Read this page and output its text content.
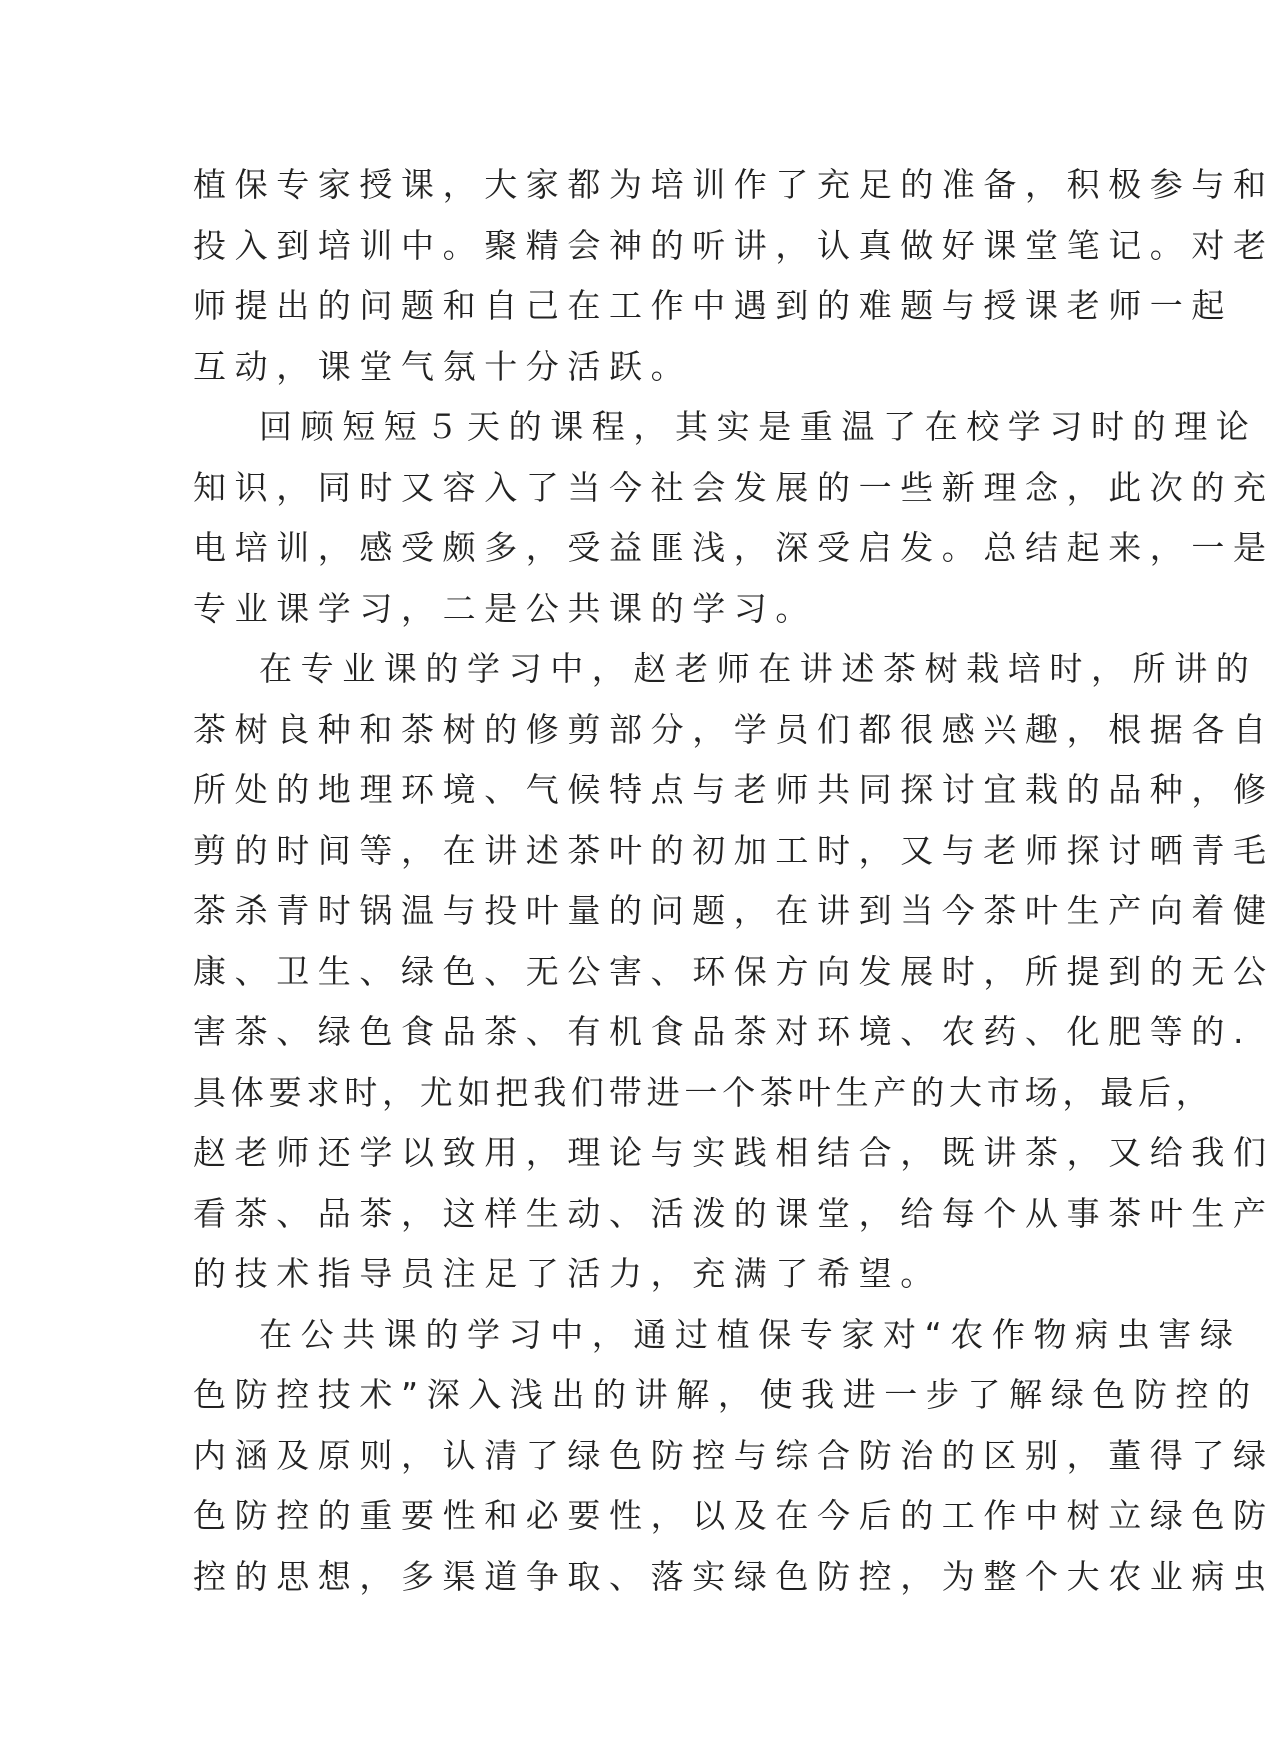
植保专家授课，大家都为培训作了充足的准备，积极参与和
投入到培训中。聚精会神的听讲，认真做好课堂笔记。对老
师提出的问题和自己在工作中遇到的难题与授课老师一起
互动，课堂气氛十分活跃。
回顾短短５天的课程，其实是重温了在校学习时的理论
知识，同时又容入了当今社会发展的一些新理念，此次的充
电培训，感受颇多，受益匪浅，深受启发。总结起来，一是
专业课学习，二是公共课的学习。
在专业课的学习中，赵老师在讲述茶树栽培时，所讲的
茶树良种和茶树的修剪部分，学员们都很感兴趣，根据各自
所处的地理环境、气候特点与老师共同探讨宜栽的品种，修
剪的时间等，在讲述茶叶的初加工时，又与老师探讨晒青毛
茶杀青时锅温与投叶量的问题，在讲到当今茶叶生产向着健
康、卫生、绿色、无公害、环保方向发展时，所提到的无公
害茶、绿色食品茶、有机食品茶对环境、农药、化肥等的.
具体要求时，尤如把我们带进一个茶叶生产的大市场，最后，
赵老师还学以致用，理论与实践相结合，既讲茶，又给我们
看茶、品茶，这样生动、活泼的课堂，给每个从事茶叶生产
的技术指导员注足了活力，充满了希望。
在公共课的学习中，通过植保专家对“农作物病虫害绿
色防控技术”深入浅出的讲解，使我进一步了解绿色防控的
内涵及原则，认清了绿色防控与综合防治的区别，董得了绿
色防控的重要性和必要性，以及在今后的工作中树立绿色防
控的思想，多渠道争取、落实绿色防控，为整个大农业病虫
